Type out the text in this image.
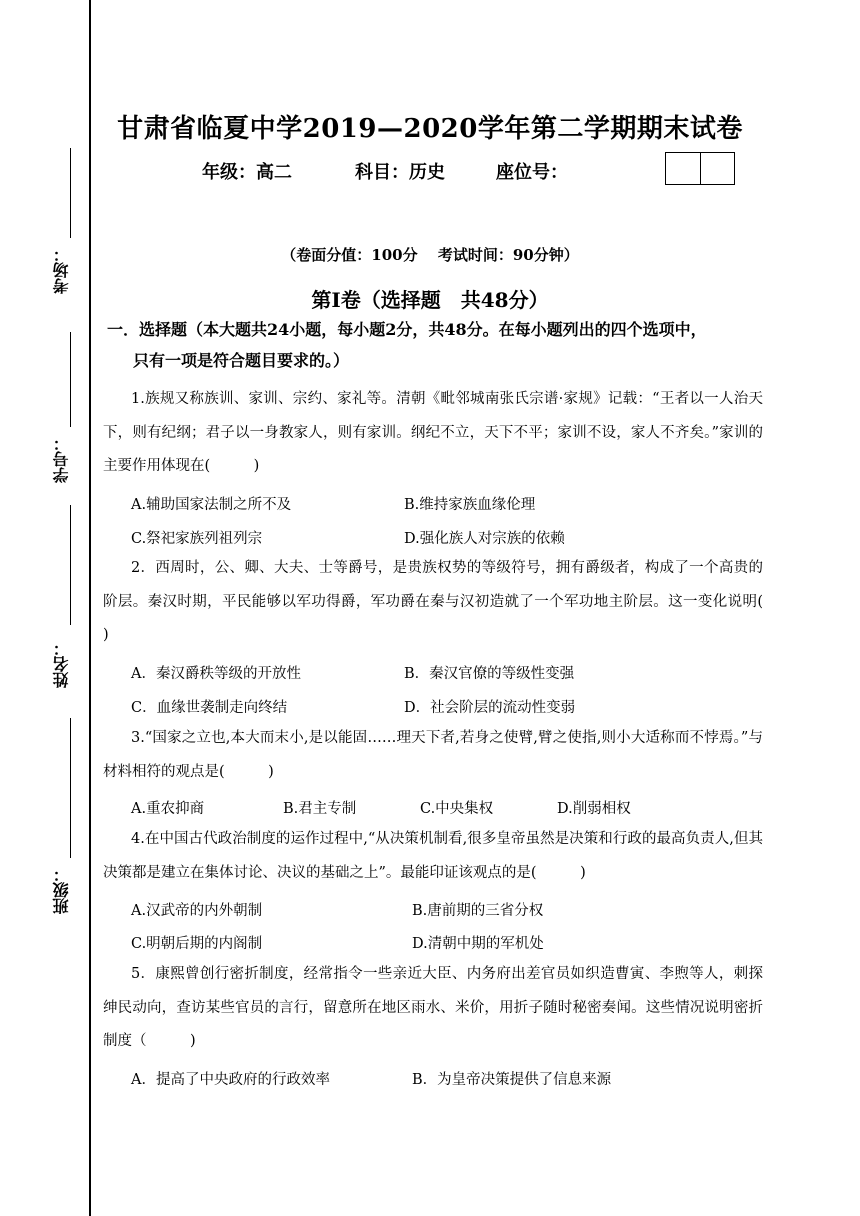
考场：
学号：
姓名：
班级：
甘肃省临夏中学2019—2020学年第二学期期末试卷
年级：高二	科目：历史	座位号：
（卷面分值：100分　 考试时间：90分钟）
第Ⅰ卷（选择题　共48分）
一．选择题（本大题共24小题，每小题2分，共48分。在每小题列出的四个选项中，
只有一项是符合题目要求的。）

1.族规又称族训、家训、宗约、家礼等。清朝《毗邻城南张氏宗谱·家规》记载：“王者以一人治天下，则有纪纲；君子以一身教家人，则有家训。纲纪不立，天下不平；家训不设，家人不齐矣。”家训的主要作用体现在(　　　)

A.辅助国家法制之所不及	B.维持家族血缘伦理
C.祭祀家族列祖列宗	D.强化族人对宗族的依赖

2．西周时，公、卿、大夫、士等爵号，是贵族权势的等级符号，拥有爵级者，构成了一个高贵的阶层。秦汉时期，平民能够以军功得爵，军功爵在秦与汉初造就了一个军功地主阶层。这一变化说明(　　 )

A．秦汉爵秩等级的开放性	B．秦汉官僚的等级性变强
C．血缘世袭制走向终结	D．社会阶层的流动性变弱

3.“国家之立也,本大而末小,是以能固……理天下者,若身之使臂,臂之使指,则小大适称而不悖焉。”与材料相符的观点是(　　　)

A.重农抑商	B.君主专制	C.中央集权	D.削弱相权

4.在中国古代政治制度的运作过程中,“从决策机制看,很多皇帝虽然是决策和行政的最高负责人,但其决策都是建立在集体讨论、决议的基础之上”。最能印证该观点的是(　　　)

A.汉武帝的内外朝制	B.唐前期的三省分权
C.明朝后期的内阁制	D.清朝中期的军机处

5．康熙曾创行密折制度，经常指令一些亲近大臣、内务府出差官员如织造曹寅、李煦等人，刺探绅民动向，查访某些官员的言行，留意所在地区雨水、米价，用折子随时秘密奏闻。这些情况说明密折制度（　　　)

A．提高了中央政府的行政效率	B．为皇帝决策提供了信息来源
